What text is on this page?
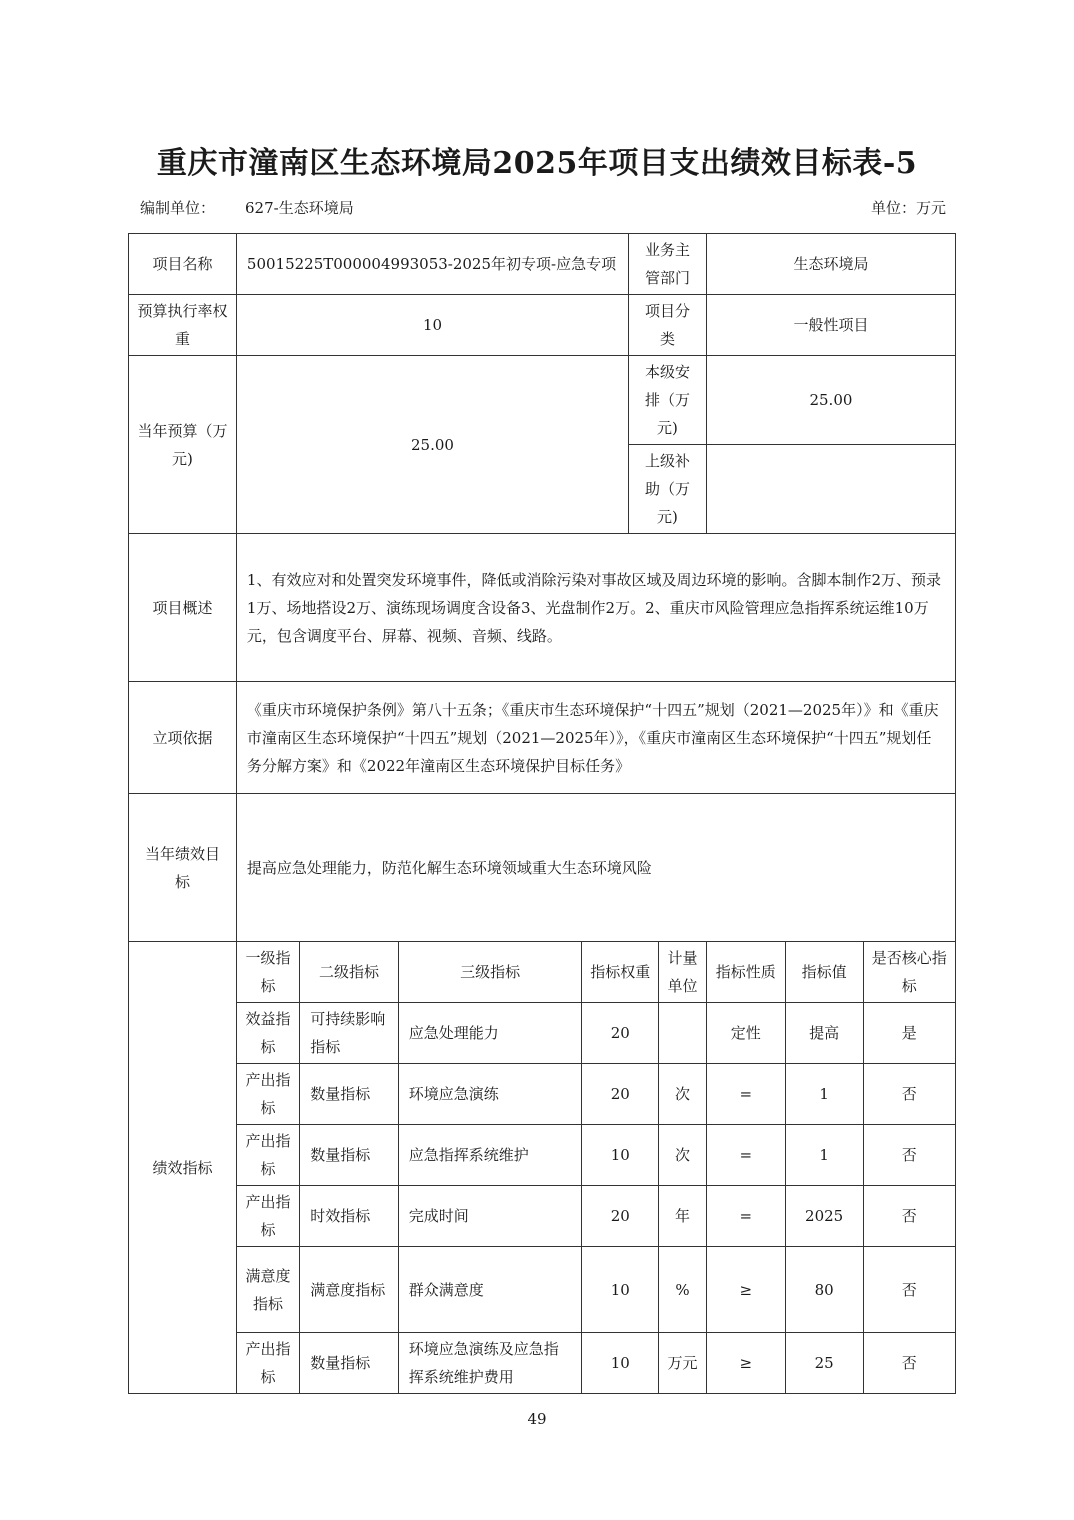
重庆市潼南区生态环境局2025年项目支出绩效目标表-5
编制单位： 627-生态环境局	单位：万元
项目名称	50015225T000004993053-2025年初专项-应急专项				业务主管部门		生态环境局		
预算执行率权重	10				项目分类		一般性项目		
当年预算（万元)	25.00				本级安排（万元)		25.00		
					上级补助（万元)				
项目概述	1、有效应对和处置突发环境事件，降低或消除污染对事故区域及周边环境的影响。含脚本制作2万、预录1万、场地搭设2万、演练现场调度含设备3、光盘制作2万。2、重庆市风险管理应急指挥系统运维10万元，包含调度平台、屏幕、视频、音频、线路。								
立项依据	《重庆市环境保护条例》第八十五条；《重庆市生态环境保护“十四五”规划（2021—2025年）》和《重庆市潼南区生态环境保护“十四五”规划（2021—2025年）》，《重庆市潼南区生态环境保护“十四五”规划任务分解方案》和《2022年潼南区生态环境保护目标任务》								
当年绩效目标	提高应急处理能力，防范化解生态环境领域重大生态环境风险								
绩效指标	一级指标	二级指标	三级指标	指标权重		计量单位	指标性质	指标值	是否核心指标
	效益指标	可持续影响指标	应急处理能力	20			定性	提高	是
	产出指标	数量指标	环境应急演练	20		次	=	1	否
	产出指标	数量指标	应急指挥系统维护	10		次	=	1	否
	产出指标	时效指标	完成时间	20		年	=	2025	否
	满意度指标	满意度指标	群众满意度	10		%	≥	80	否
	产出指标	数量指标	环境应急演练及应急指挥系统维护费用	10		万元	≥	25	否
49
